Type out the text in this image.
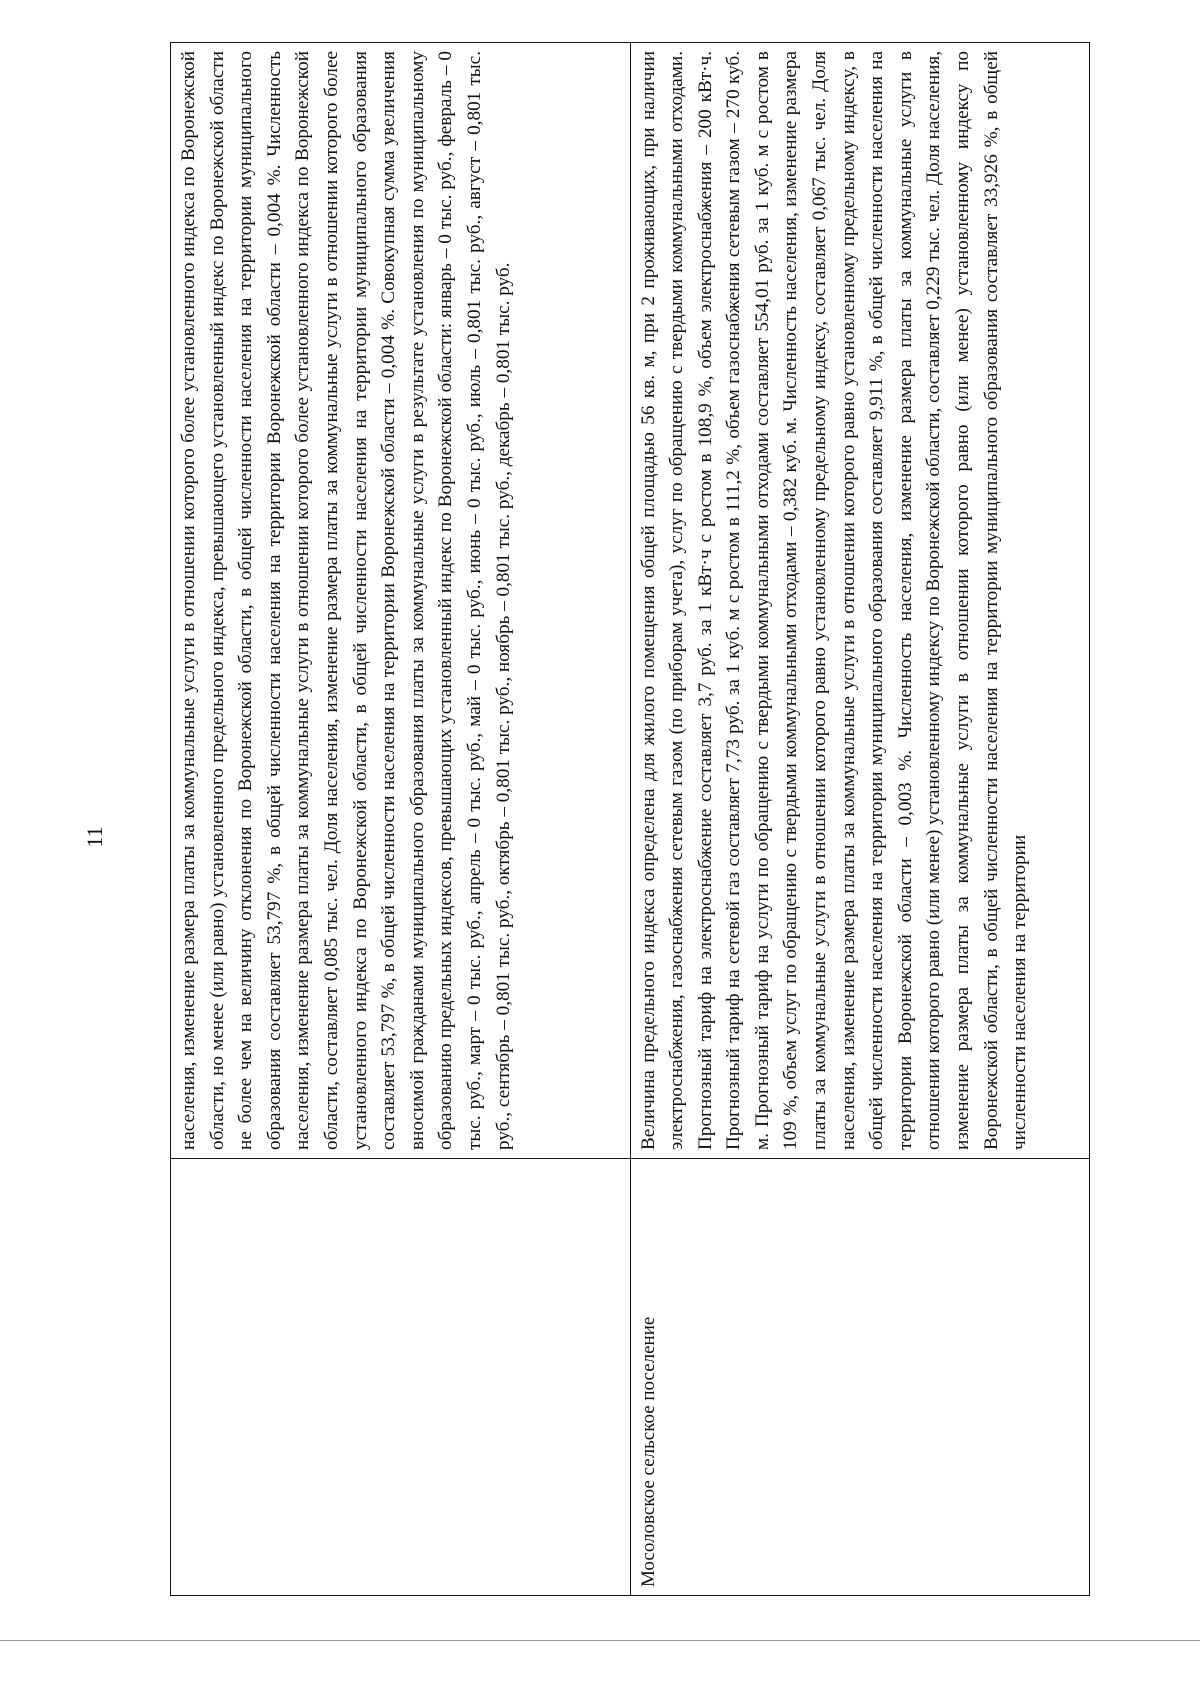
11	населения, изменение размера платы за коммунальные услуги в отношении которого более установленного индекса по Воронежской области, но менее (или равно) установленного предельного индекса, превышающего установленный индекс по Воронежской области не более чем на величину отклонения по Воронежской области, в общей численности населения на территории муниципального образования составляет 53,797 %, в общей численности населения на территории Воронежской области – 0,004 %. Численность населения, изменение размера платы за коммунальные услуги в отношении которого более установленного индекса по Воронежской области, составляет 0,085 тыс. чел. Доля населения, изменение размера платы за коммунальные услуги в отношении которого более установленного индекса по Воронежской области, в общей численности населения на территории муниципального образования составляет 53,797 %, в общей численности населения на территории Воронежской области – 0,004 %. Совокупная сумма увеличения вносимой гражданами муниципального образования платы за коммунальные услуги в результате установления по муниципальному образованию предельных индексов, превышающих установленный индекс по Воронежской области: январь – 0 тыс. руб., февраль – 0 тыс. руб., март – 0 тыс. руб., апрель – 0 тыс. руб., май – 0 тыс. руб., июнь – 0 тыс. руб., июль – 0,801 тыс. руб., август – 0,801 тыс. руб., сентябрь – 0,801 тыс. руб., октябрь – 0,801 тыс. руб., ноябрь – 0,801 тыс. руб., декабрь – 0,801 тыс. руб.
Мосоловское сельское поселение
Величина предельного индекса определена для жилого помещения общей площадью 56 кв. м, при 2 проживающих, при наличии электроснабжения, газоснабжения сетевым газом (по приборам учета), услуг по обращению с твердыми коммунальными отходами. Прогнозный тариф на электроснабжение составляет 3,7 руб. за 1 кВт·ч с ростом в 108,9 %, объем электроснабжения – 200 кВт·ч. Прогнозный тариф на сетевой газ составляет 7,73 руб. за 1 куб. м с ростом в 111,2 %, объем газоснабжения сетевым газом – 270 куб. м. Прогнозный тариф на услуги по обращению с твердыми коммунальными отходами составляет 554,01 руб. за 1 куб. м с ростом в 109 %, объем услуг по обращению с твердыми коммунальными отходами – 0,382 куб. м. Численность населения, изменение размера платы за коммунальные услуги в отношении которого равно установленному предельному индексу, составляет 0,067 тыс. чел. Доля населения, изменение размера платы за коммунальные услуги в отношении которого равно установленному предельному индексу, в общей численности населения на территории муниципального образования составляет 9,911 %, в общей численности населения на территории Воронежской области – 0,003 %. Численность населения, изменение размера платы за коммунальные услуги в отношении которого равно (или менее) установленному индексу по Воронежской области, составляет 0,229 тыс. чел. Доля населения, изменение размера платы за коммунальные услуги в отношении которого равно (или менее) установленному индексу по Воронежской области, в общей численности населения на территории муниципального образования составляет 33,926 %, в общей численности населения на территории
